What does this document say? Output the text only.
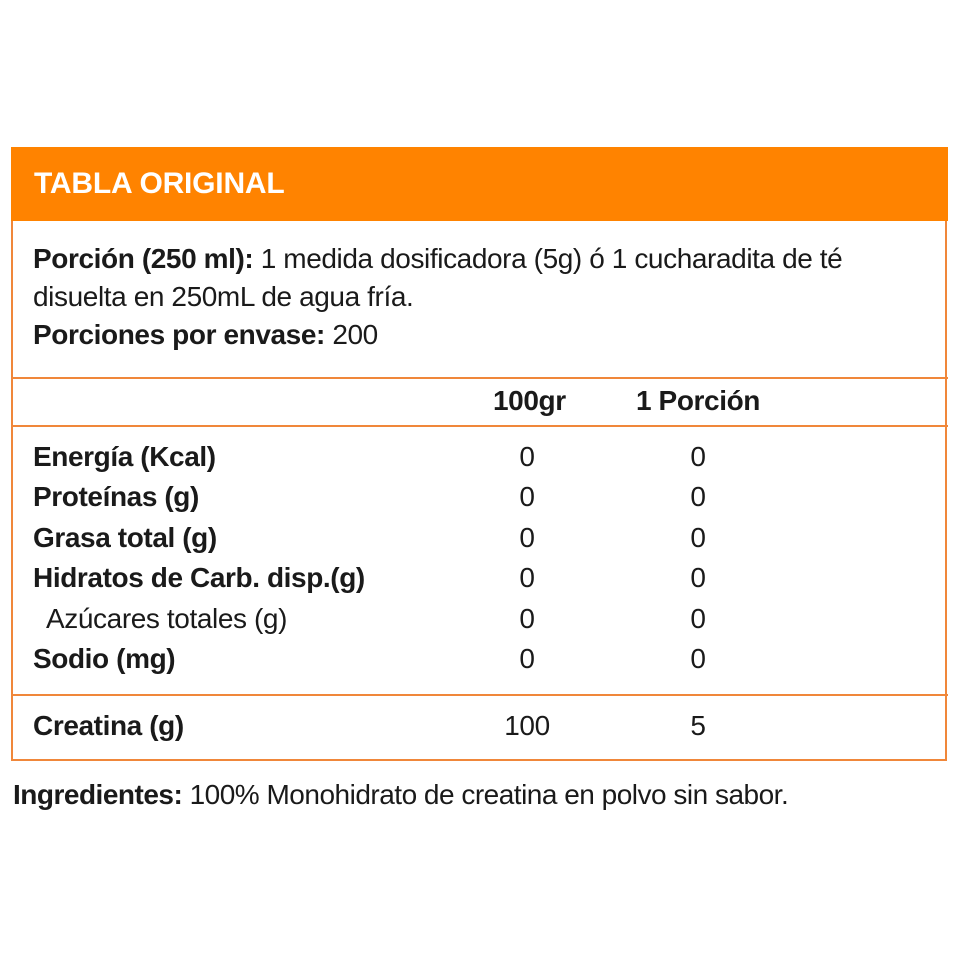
TABLA ORIGINAL
Porción (250 ml): 1 medida dosificadora (5g) ó 1 cucharadita de té
disuelta en 250mL de agua fría.
Porciones por envase: 200
100gr	1 Porción
Energía (Kcal)	0	0
Proteínas (g)	0	0
Grasa total (g)	0	0
Hidratos de Carb. disp.(g)	0	0
Azúcares totales (g)	0	0
Sodio (mg)	0	0
Creatina (g)	100	5
Ingredientes: 100% Monohidrato de creatina en polvo sin sabor.
